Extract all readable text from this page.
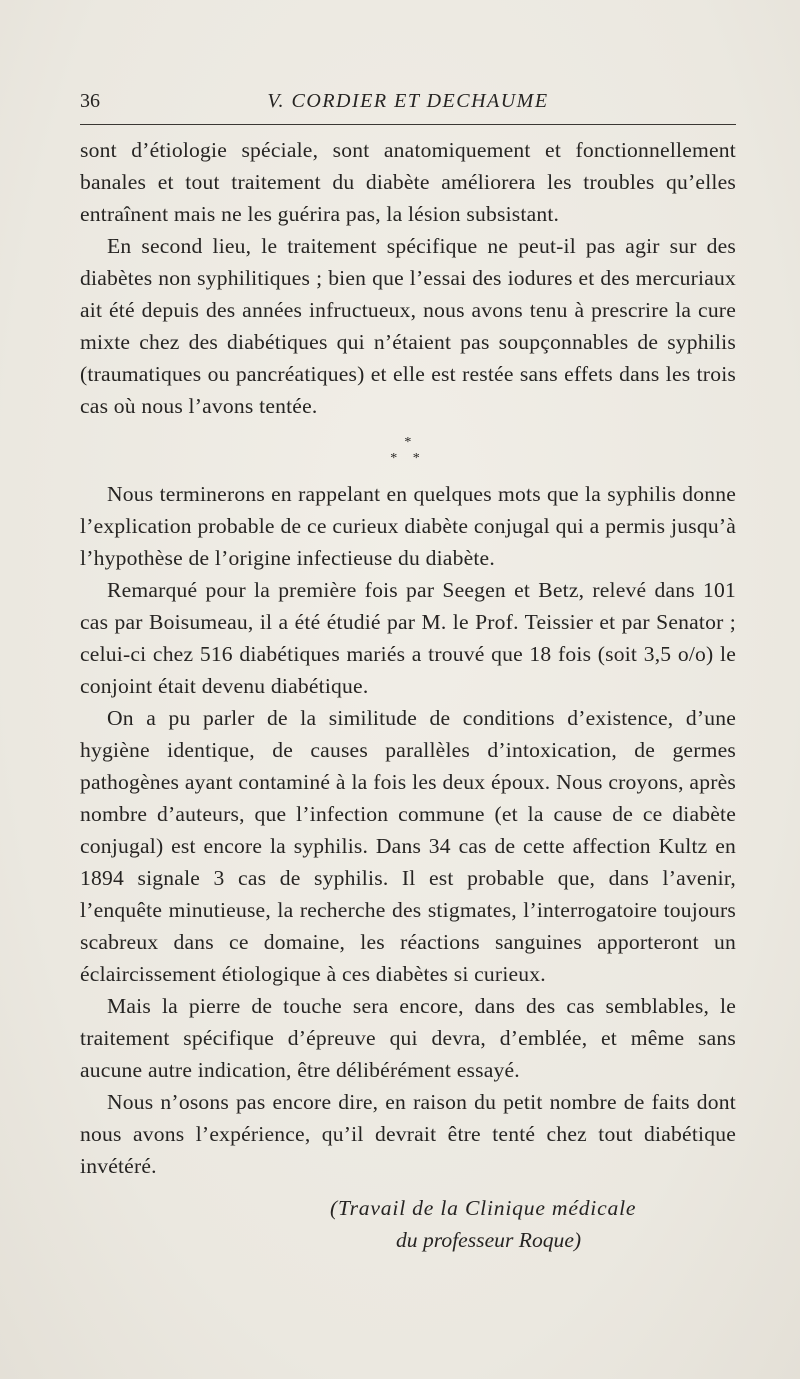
36	V. CORDIER ET DECHAUME

sont d’étiologie spéciale, sont anatomiquement et fonctionnellement banales et tout traitement du diabète améliorera les troubles qu’elles entraînent mais ne les guérira pas, la lésion subsistant.

En second lieu, le traitement spécifique ne peut-il pas agir sur des diabètes non syphilitiques ; bien que l’essai des iodures et des mercuriaux ait été depuis des années infructueux, nous avons tenu à prescrire la cure mixte chez des diabétiques qui n’étaient pas soupçonnables de syphilis (traumatiques ou pancréatiques) et elle est restée sans effets dans les trois cas où nous l’avons tentée.

*
* *

Nous terminerons en rappelant en quelques mots que la syphilis donne l’explication probable de ce curieux diabète conjugal qui a permis jusqu’à l’hypothèse de l’origine infectieuse du diabète.

Remarqué pour la première fois par Seegen et Betz, relevé dans 101 cas par Boisumeau, il a été étudié par M. le Prof. Teissier et par Senator ; celui-ci chez 516 diabétiques mariés a trouvé que 18 fois (soit 3,5 o/o) le conjoint était devenu diabétique.

On a pu parler de la similitude de conditions d’existence, d’une hygiène identique, de causes parallèles d’intoxication, de germes pathogènes ayant contaminé à la fois les deux époux. Nous croyons, après nombre d’auteurs, que l’infection commune (et la cause de ce diabète conjugal) est encore la syphilis. Dans 34 cas de cette affection Kultz en 1894 signale 3 cas de syphilis. Il est probable que, dans l’avenir, l’enquête minutieuse, la recherche des stigmates, l’interrogatoire toujours scabreux dans ce domaine, les réactions sanguines apporteront un éclaircissement étiologique à ces diabètes si curieux.

Mais la pierre de touche sera encore, dans des cas semblables, le traitement spécifique d’épreuve qui devra, d’emblée, et même sans aucune autre indication, être délibérément essayé.

Nous n’osons pas encore dire, en raison du petit nombre de faits dont nous avons l’expérience, qu’il devrait être tenté chez tout diabétique invétéré.

(Travail de la Clinique médicale
du professeur Roque)
